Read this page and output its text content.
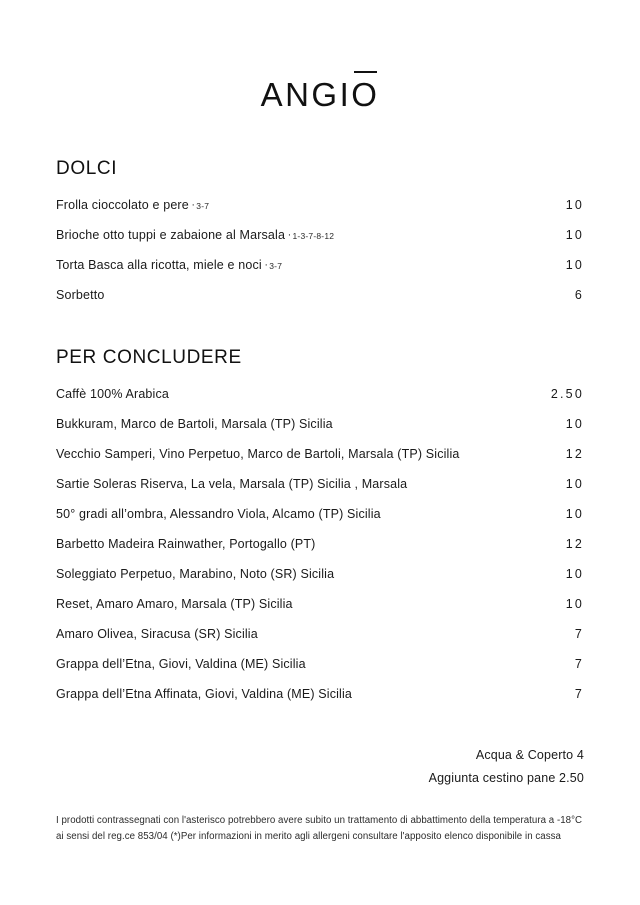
ANGIO
DOLCI
Frolla cioccolato e pere ·3-7	10
Brioche otto tuppi e zabaione al Marsala ·1-3-7-8-12	10
Torta Basca alla ricotta, miele e noci ·3-7	10
Sorbetto	6
PER CONCLUDERE
Caffè 100% Arabica	2.50
Bukkuram, Marco de Bartoli, Marsala (TP) Sicilia	10
Vecchio Samperi, Vino Perpetuo, Marco de Bartoli, Marsala (TP) Sicilia	12
Sartie Soleras Riserva, La vela, Marsala (TP) Sicilia , Marsala	10
50° gradi all’ombra, Alessandro Viola, Alcamo (TP) Sicilia	10
Barbetto Madeira Rainwather, Portogallo (PT)	12
Soleggiato Perpetuo, Marabino, Noto (SR) Sicilia	10
Reset, Amaro Amaro, Marsala (TP) Sicilia	10
Amaro Olivea, Siracusa (SR) Sicilia	7
Grappa dell’Etna, Giovi, Valdina (ME) Sicilia	7
Grappa dell’Etna Affinata, Giovi, Valdina (ME) Sicilia	7
Acqua & Coperto 4
Aggiunta cestino pane 2.50
I prodotti contrassegnati con l'asterisco potrebbero avere subito un trattamento di abbattimento della temperatura a -18°C ai sensi del reg.ce 853/04 (*)Per informazioni in merito agli allergeni consultare l'apposito elenco disponibile in cassa
